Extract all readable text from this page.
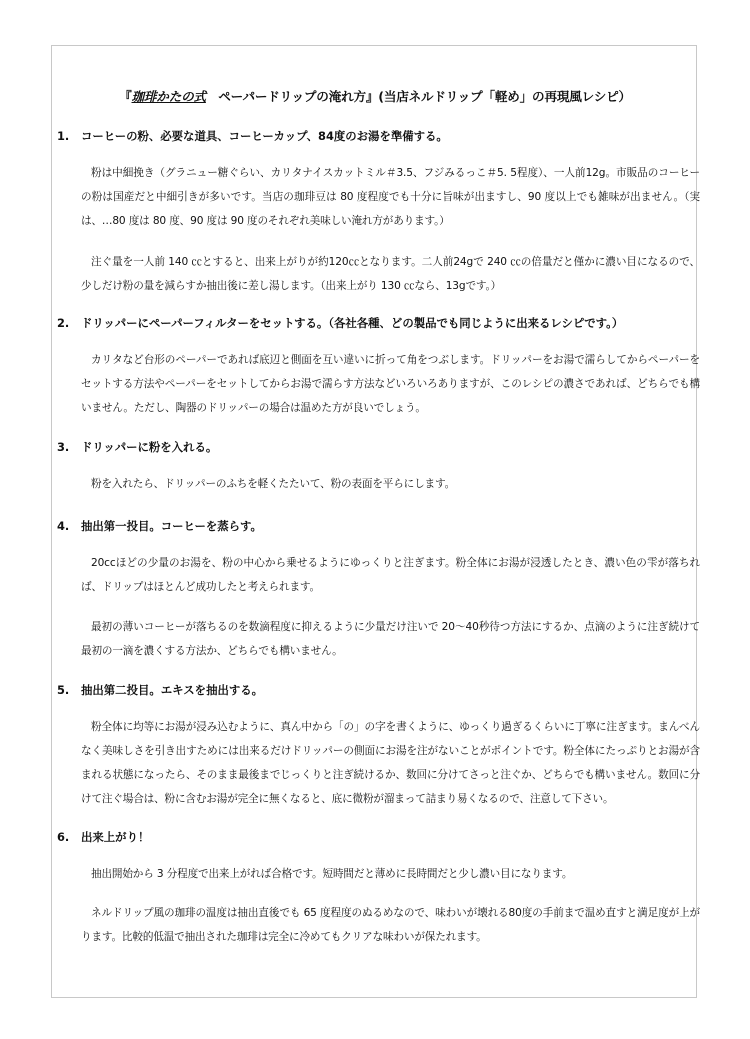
『珈琲かたの式　ペーパードリップの淹れ方』(当店ネルドリップ「軽め」の再現風レシピ）
1. コーヒーの粉、必要な道具、コーヒーカップ、84度のお湯を準備する。
粉は中細挽き（グラニュー糖ぐらい、カリタナイスカットミル＃3.5、フジみるっこ＃5. 5程度）、一人前12g。市販品のコーヒーの粉は国産だと中細引きが多いです。当店の珈琲豆は 80 度程度でも十分に旨味が出ますし、90 度以上でも雑味が出ません。（実は、…80 度は 80 度、90 度は 90 度のそれぞれ美味しい淹れ方があります。）
注ぐ量を一人前 140 ㏄とすると、出来上がりが約120㏄となります。二人前24gで 240 ㏄の倍量だと僅かに濃い目になるので、少しだけ粉の量を減らすか抽出後に差し湯します。（出来上がり 130 ㏄なら、13gです。）
2. ドリッパーにペーパーフィルターをセットする。（各社各種、どの製品でも同じように出来るレシピです。）
カリタなど台形のペーパーであれば底辺と側面を互い違いに折って角をつぶします。ドリッパーをお湯で濡らしてからペーパーをセットする方法やペーパーをセットしてからお湯で濡らす方法などいろいろありますが、このレシピの濃さであれば、どちらでも構いません。ただし、陶器のドリッパーの場合は温めた方が良いでしょう。
3. ドリッパーに粉を入れる。
粉を入れたら、ドリッパーのふちを軽くたたいて、粉の表面を平らにします。
4. 抽出第一投目。コーヒーを蒸らす。
20ccほどの少量のお湯を、粉の中心から乗せるようにゆっくりと注ぎます。粉全体にお湯が浸透したとき、濃い色の雫が落ちれば、ドリップはほとんど成功したと考えられます。
最初の薄いコーヒーが落ちるのを数滴程度に抑えるように少量だけ注いで 20～40秒待つ方法にするか、点滴のように注ぎ続けて最初の一滴を濃くする方法か、どちらでも構いません。
5. 抽出第二投目。エキスを抽出する。
粉全体に均等にお湯が浸み込むように、真ん中から「の」の字を書くように、ゆっくり過ぎるくらいに丁寧に注ぎます。まんべんなく美味しさを引き出すためには出来るだけドリッパーの側面にお湯を注がないことがポイントです。粉全体にたっぷりとお湯が含まれる状態になったら、そのまま最後までじっくりと注ぎ続けるか、数回に分けてさっと注ぐか、どちらでも構いません。数回に分けて注ぐ場合は、粉に含むお湯が完全に無くなると、底に微粉が溜まって詰まり易くなるので、注意して下さい。
6. 出来上がり！
抽出開始から 3 分程度で出来上がれば合格です。短時間だと薄めに長時間だと少し濃い目になります。
ネルドリップ風の珈琲の温度は抽出直後でも 65 度程度のぬるめなので、味わいが壊れる80度の手前まで温め直すと満足度が上がります。比較的低温で抽出された珈琲は完全に冷めてもクリアな味わいが保たれます。
